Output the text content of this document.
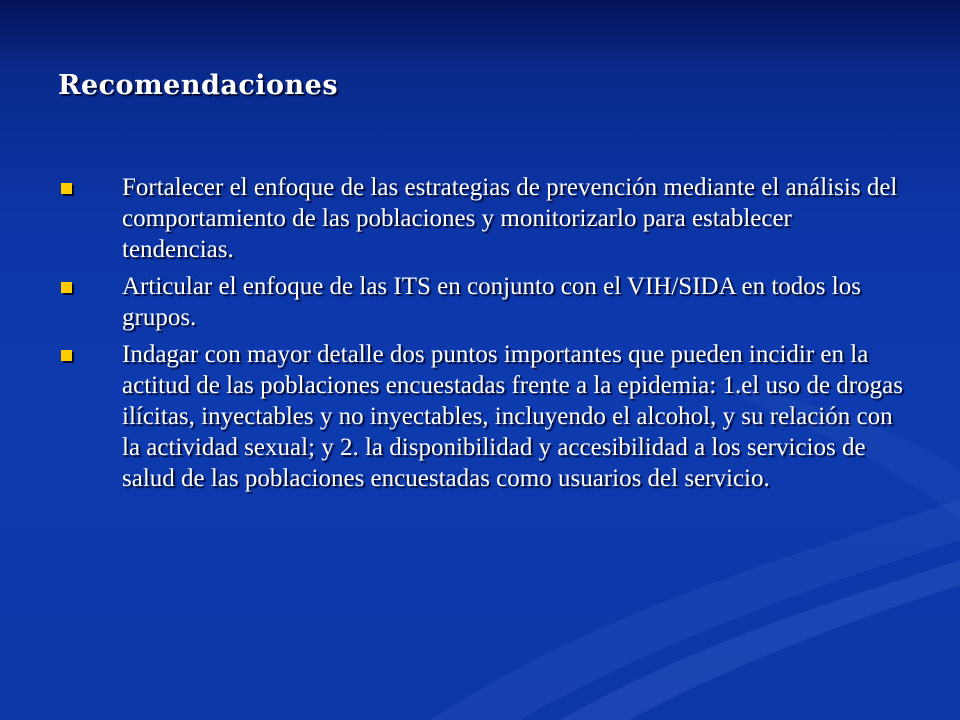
Recomendaciones
Fortalecer el enfoque de las estrategias de prevención mediante el análisis del comportamiento de las poblaciones y monitorizarlo para establecer tendencias.
Articular el enfoque de las ITS en conjunto con el VIH/SIDA en todos los grupos.
Indagar con mayor detalle dos puntos importantes que pueden incidir en la actitud de las poblaciones encuestadas frente a la epidemia: 1.el uso de drogas ilícitas, inyectables y no inyectables, incluyendo el alcohol, y su relación con la actividad sexual; y 2. la disponibilidad y accesibilidad a los servicios de salud de las poblaciones encuestadas como usuarios del servicio.
